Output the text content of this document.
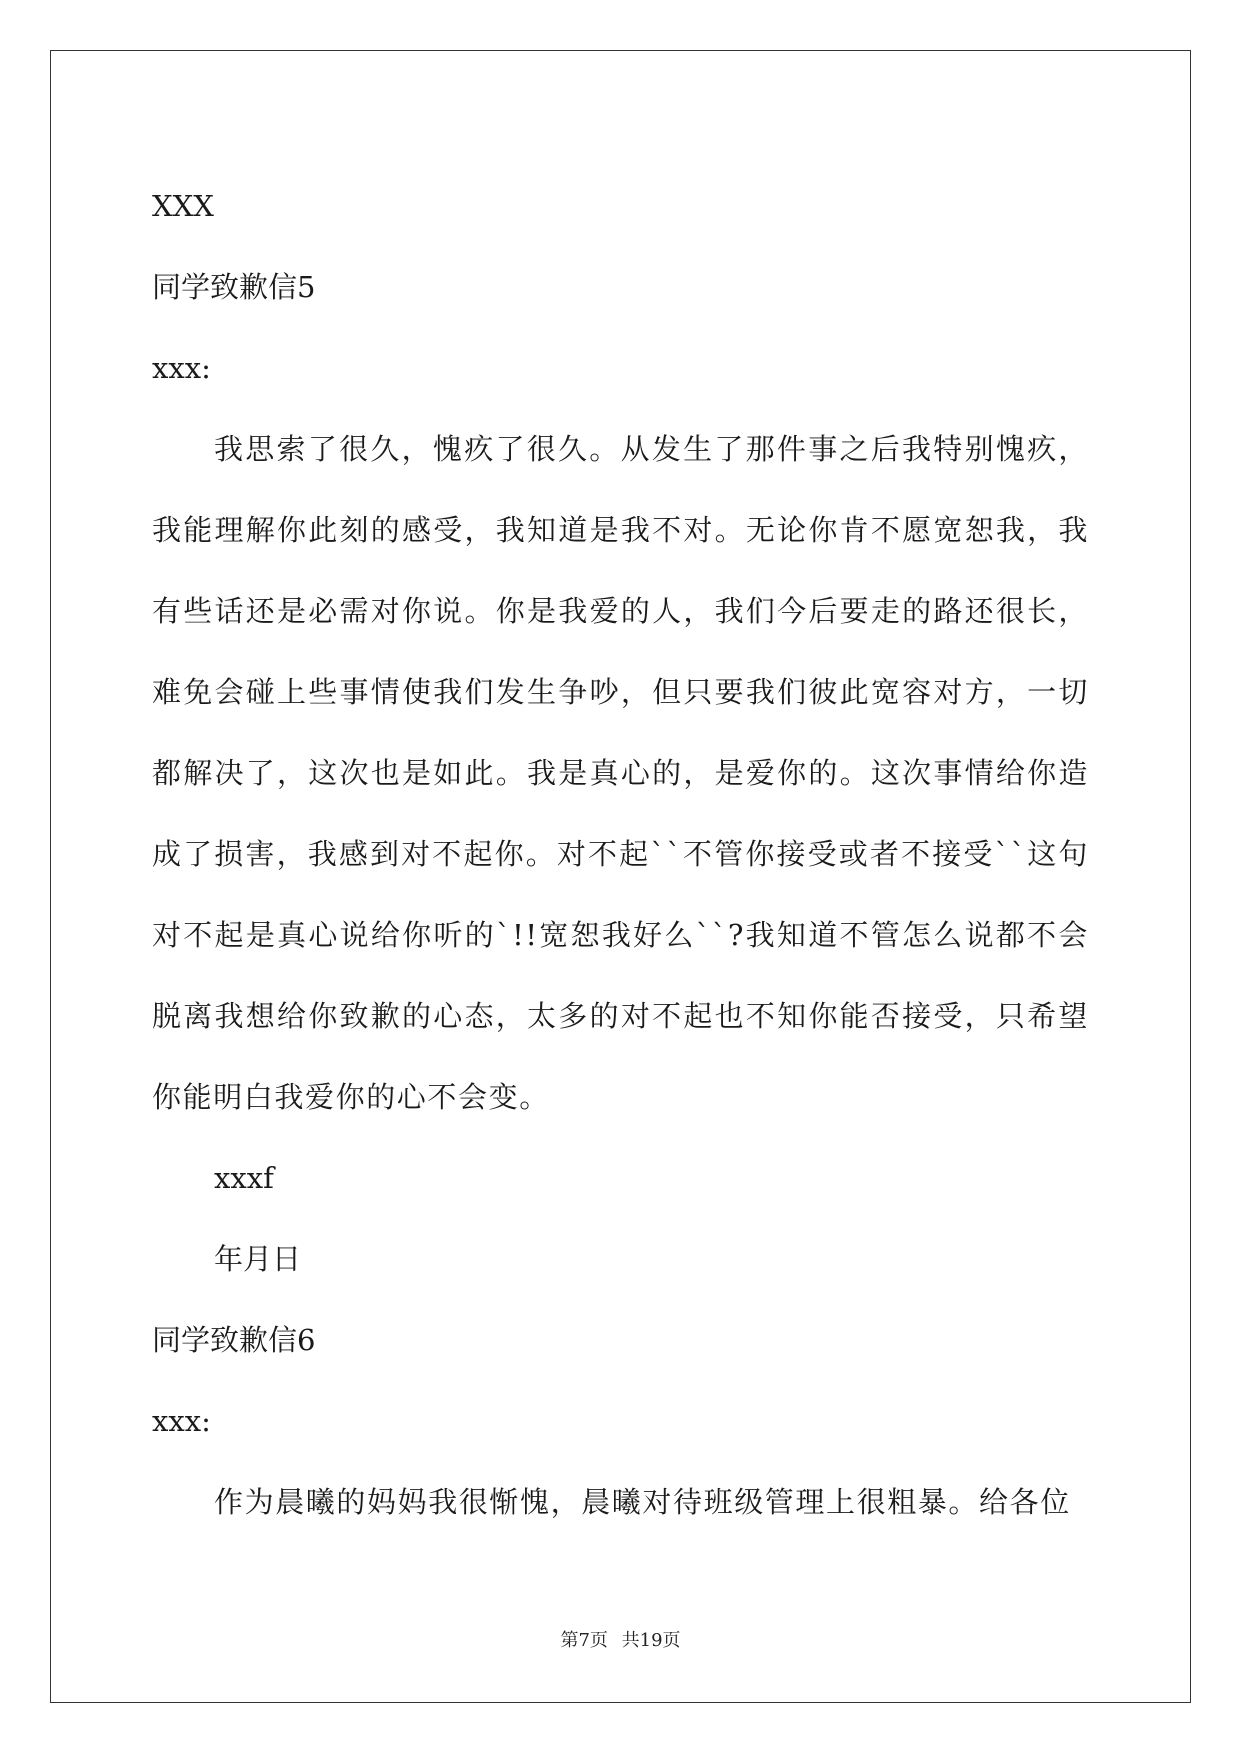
XXX
同学致歉信5
xxx:
我思索了很久，愧疚了很久。从发生了那件事之后我特别愧疚，我能理解你此刻的感受，我知道是我不对。无论你肯不愿宽恕我，我有些话还是必需对你说。你是我爱的人，我们今后要走的路还很长，难免会碰上些事情使我们发生争吵，但只要我们彼此宽容对方，一切都解决了，这次也是如此。我是真心的，是爱你的。这次事情给你造成了损害，我感到对不起你。对不起``不管你接受或者不接受``这句对不起是真心说给你听的`!!宽恕我好么``?我知道不管怎么说都不会脱离我想给你致歉的心态，太多的对不起也不知你能否接受，只希望你能明白我爱你的心不会变。
xxxf
年月日
同学致歉信6
xxx:
作为晨曦的妈妈我很惭愧，晨曦对待班级管理上很粗暴。给各位
第7页 共19页
